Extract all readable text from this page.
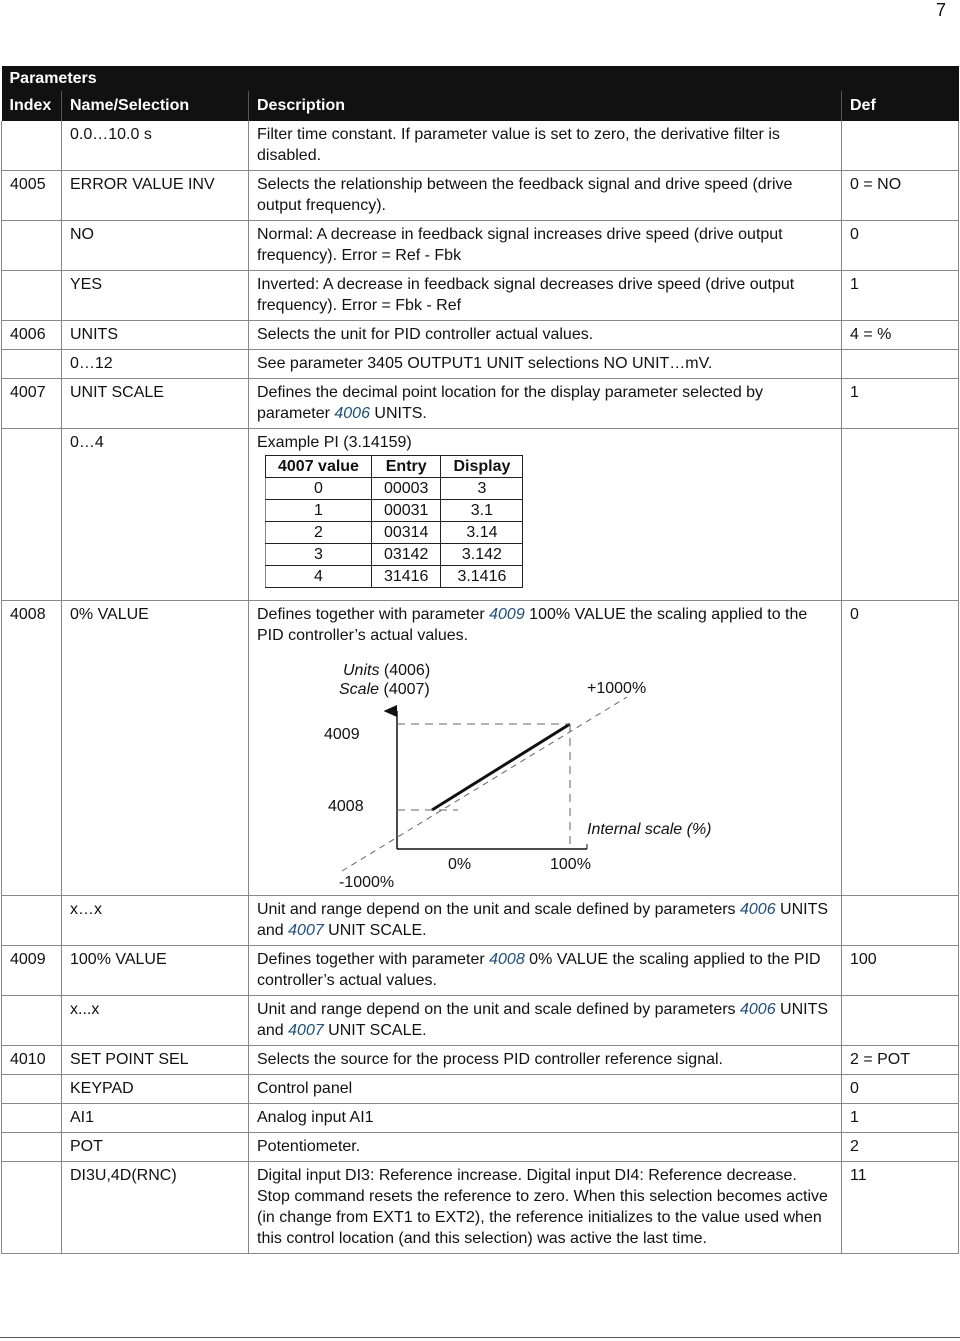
7
Parameters
Index	Name/Selection	Description	Def
	0.0…10.0 s	Filter time constant. If parameter value is set to zero, the derivative filter is disabled.	
4005	ERROR VALUE INV	Selects the relationship between the feedback signal and drive speed (drive output frequency).	0 = NO
	NO	Normal: A decrease in feedback signal increases drive speed (drive output frequency). Error = Ref - Fbk	0
	YES	Inverted: A decrease in feedback signal decreases drive speed (drive output frequency). Error = Fbk - Ref	1
4006	UNITS	Selects the unit for PID controller actual values.	4 = %
	0…12	See parameter 3405 OUTPUT1 UNIT selections NO UNIT…mV.	
4007	UNIT SCALE	Defines the decimal point location for the display parameter selected by parameter 4006 UNITS.	1
	0…4	Example PI (3.14159)
4007 value	Entry	Display
0	00003	3
1	00031	3.1
2	00314	3.14
3	03142	3.142
4	31416	3.1416

4008	0% VALUE	Defines together with parameter 4009 100% VALUE the scaling applied to the PID controller’s actual values.	0

Units (4006)
Scale (4007)	+1000%
4009
4008
Internal scale (%)
0%	100%
-1000%

	x…x	Unit and range depend on the unit and scale defined by parameters 4006 UNITS and 4007 UNIT SCALE.	
4009	100% VALUE	Defines together with parameter 4008 0% VALUE the scaling applied to the PID controller’s actual values.	100
	x...x	Unit and range depend on the unit and scale defined by parameters 4006 UNITS and 4007 UNIT SCALE.	
4010	SET POINT SEL	Selects the source for the process PID controller reference signal.	2 = POT
	KEYPAD	Control panel	0
	AI1	Analog input AI1	1
	POT	Potentiometer.	2
	DI3U,4D(RNC)	Digital input DI3: Reference increase. Digital input DI4: Reference decrease. Stop command resets the reference to zero. When this selection becomes active (in change from EXT1 to EXT2), the reference initializes to the value used when this control location (and this selection) was active the last time.	11
